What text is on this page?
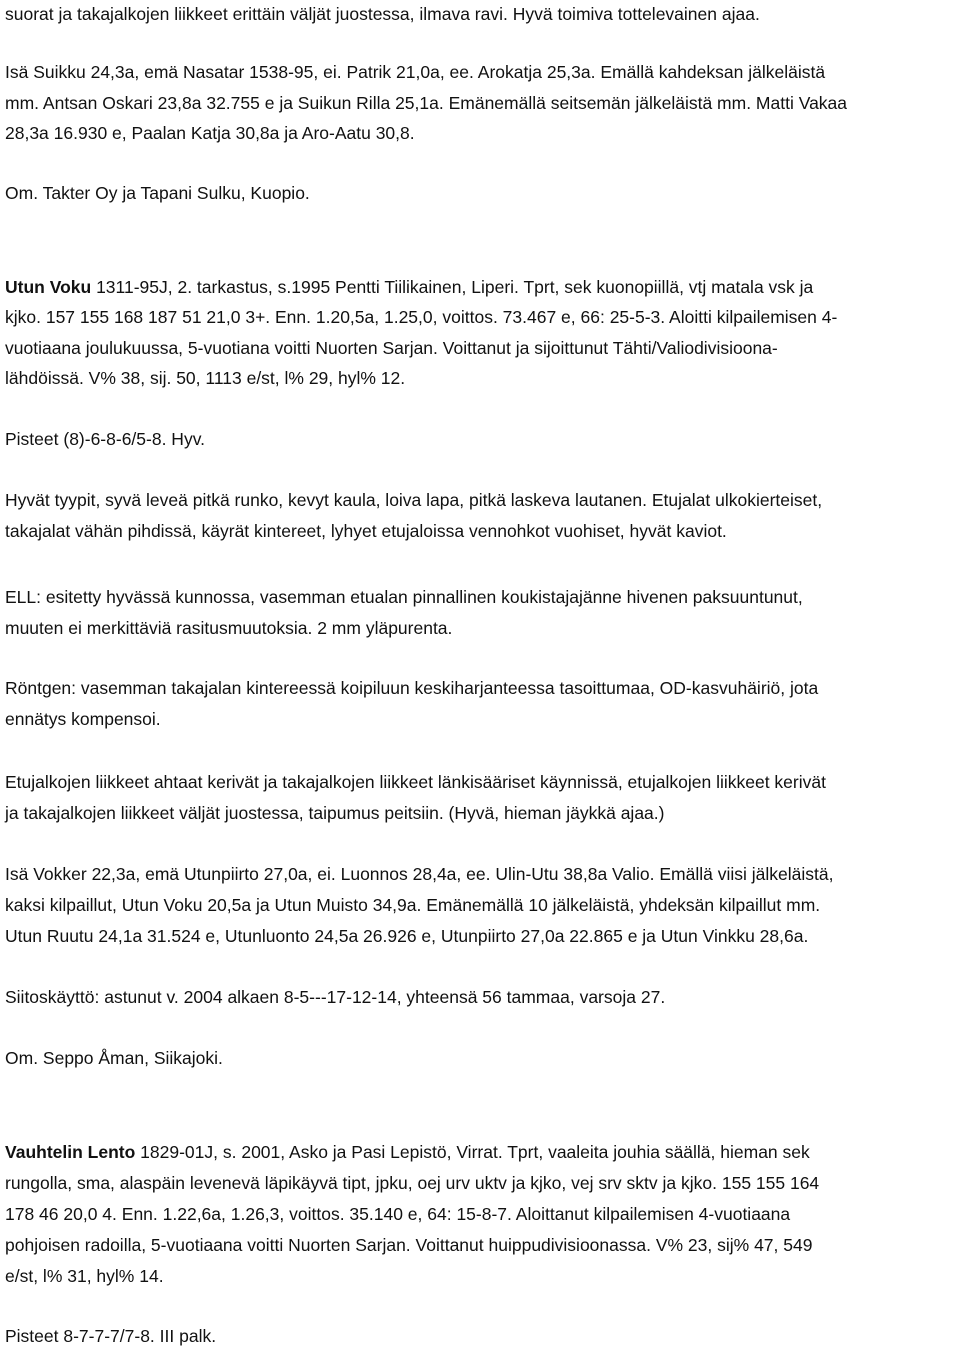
suorat ja takajalkojen liikkeet erittäin väljät juostessa, ilmava ravi. Hyvä toimiva tottelevainen ajaa.
Isä Suikku 24,3a, emä Nasatar 1538-95, ei. Patrik 21,0a, ee. Arokatja 25,3a. Emällä kahdeksan jälkeläistä
mm. Antsan Oskari 23,8a 32.755 e ja Suikun Rilla 25,1a. Emänemällä seitsemän jälkeläistä mm. Matti Vakaa
28,3a 16.930 e, Paalan Katja 30,8a ja Aro-Aatu 30,8.
Om. Takter Oy ja Tapani Sulku, Kuopio.
Utun Voku 1311-95J, 2. tarkastus, s.1995 Pentti Tiilikainen, Liperi. Tprt, sek kuonopiillä, vtj matala vsk ja
kjko. 157 155 168 187 51 21,0 3+. Enn. 1.20,5a, 1.25,0, voittos. 73.467 e, 66: 25-5-3. Aloitti kilpailemisen 4-
vuotiaana joulukuussa, 5-vuotiana voitti Nuorten Sarjan. Voittanut ja sijoittunut Tähti/Valiodivisioona-
lähdöissä. V% 38, sij. 50, 1113 e/st, l% 29, hyl% 12.
Pisteet (8)-6-8-6/5-8. Hyv.
Hyvät tyypit, syvä leveä pitkä runko, kevyt kaula, loiva lapa, pitkä laskeva lautanen. Etujalat ulkokierteiset,
takajalat vähän pihdissä, käyrät kintereet, lyhyet etujaloissa vennohkot vuohiset, hyvät kaviot.
ELL: esitetty hyvässä kunnossa, vasemman etualan pinnallinen koukistajajänne hivenen paksuuntunut,
muuten ei merkittäviä rasitusmuutoksia. 2 mm yläpurenta.
Röntgen: vasemman takajalan kintereessä koipiluun keskiharjanteessa tasoittumaa, OD-kasvuhäiriö, jota
ennätys kompensoi.
Etujalkojen liikkeet ahtaat kerivät ja takajalkojen liikkeet länkisääriset käynnissä, etujalkojen liikkeet kerivät
ja takajalkojen liikkeet väljät juostessa, taipumus peitsiin. (Hyvä, hieman jäykkä ajaa.)
Isä Vokker 22,3a, emä Utunpiirto 27,0a, ei. Luonnos 28,4a, ee. Ulin-Utu 38,8a Valio. Emällä viisi jälkeläistä,
kaksi kilpaillut, Utun Voku 20,5a ja Utun Muisto 34,9a. Emänemällä 10 jälkeläistä, yhdeksän kilpaillut mm.
Utun Ruutu 24,1a 31.524 e, Utunluonto 24,5a 26.926 e, Utunpiirto 27,0a 22.865 e ja Utun Vinkku 28,6a.
Siitoskäyttö: astunut v. 2004 alkaen 8-5---17-12-14, yhteensä 56 tammaa, varsoja 27.
Om. Seppo Åman, Siikajoki.
Vauhtelin Lento 1829-01J, s. 2001, Asko ja Pasi Lepistö, Virrat. Tprt, vaaleita jouhia säällä, hieman sek
rungolla, sma, alaspäin levenevä läpikäyvä tipt, jpku, oej urv uktv ja kjko, vej srv sktv ja kjko. 155 155 164
178 46 20,0 4. Enn. 1.22,6a, 1.26,3, voittos. 35.140 e, 64: 15-8-7. Aloittanut kilpailemisen 4-vuotiaana
pohjoisen radoilla, 5-vuotiaana voitti Nuorten Sarjan. Voittanut huippudivisioonassa. V% 23, sij% 47, 549
e/st, l% 31, hyl% 14.
Pisteet 8-7-7-7/7-8. III palk.
